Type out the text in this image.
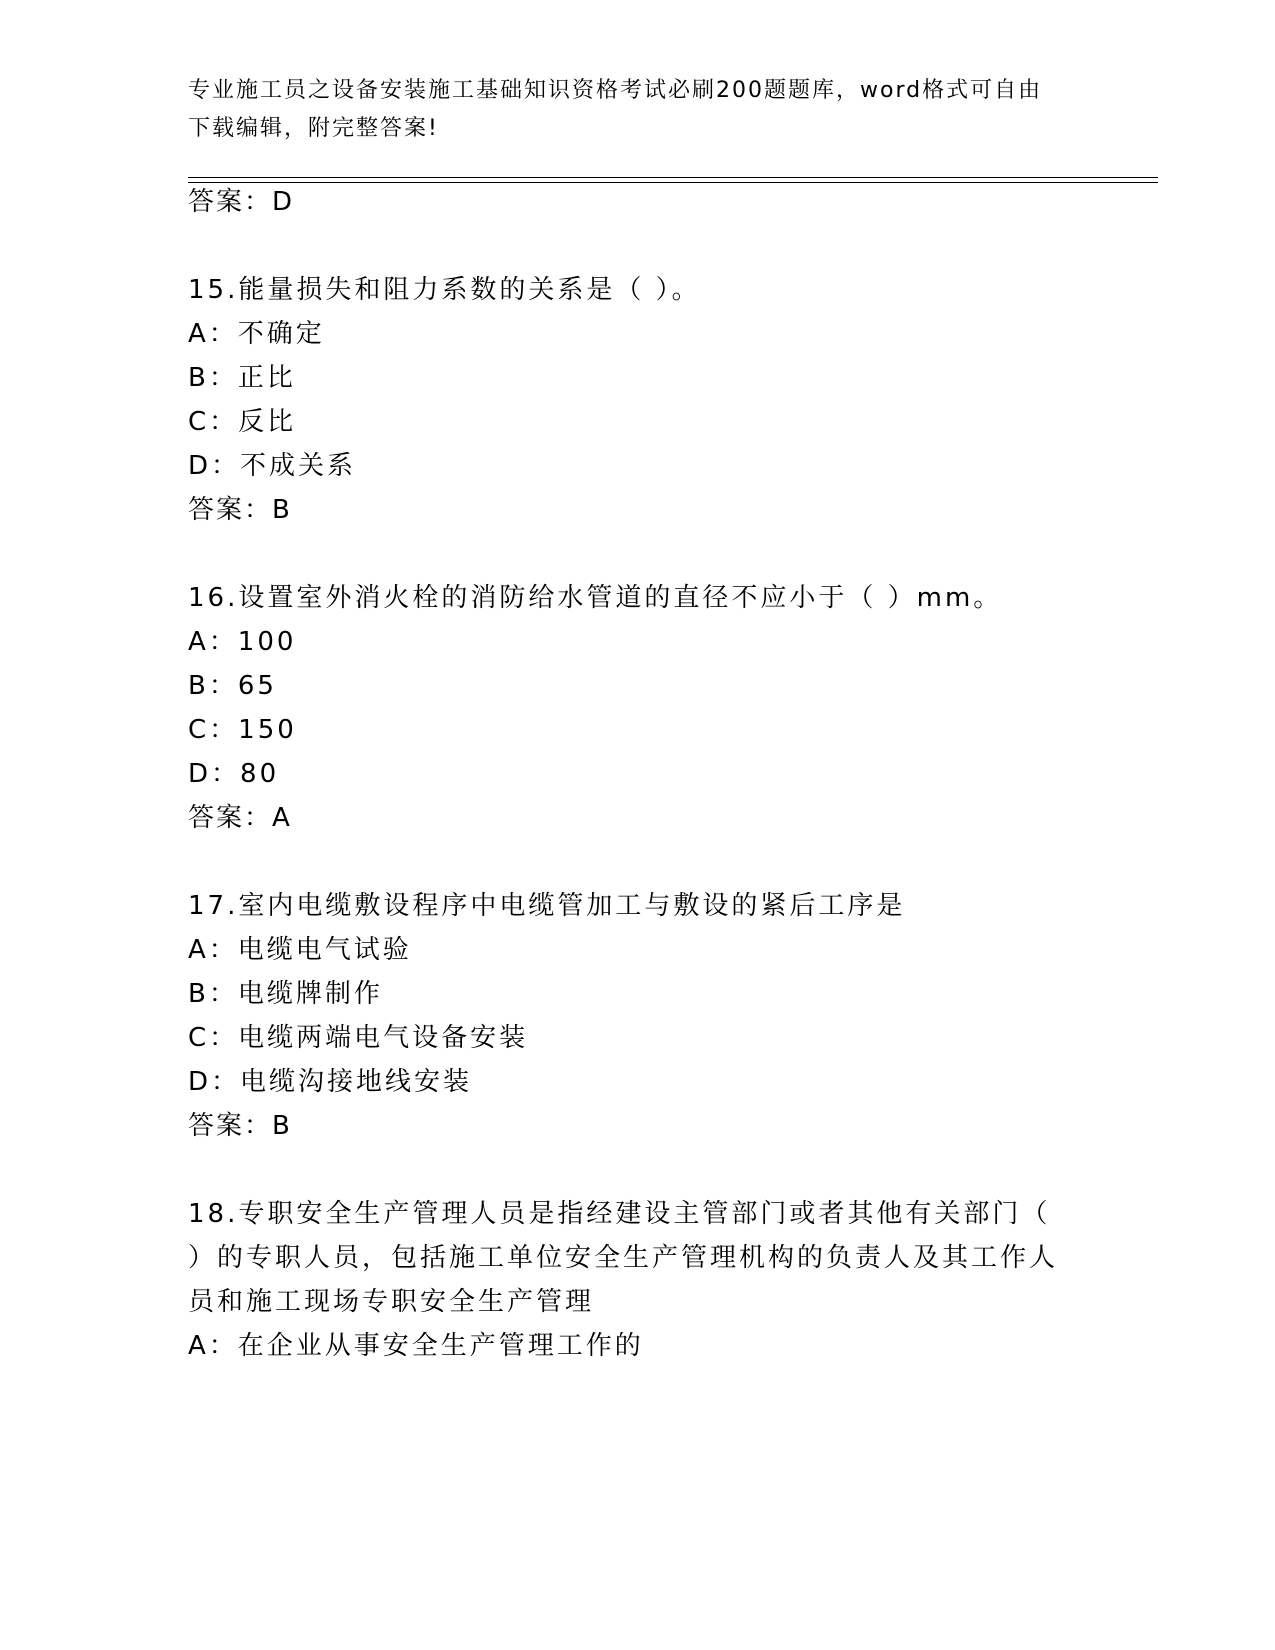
专业施工员之设备安装施工基础知识资格考试必刷200题题库，word格式可自由
下载编辑，附完整答案!
答案：D
15.能量损失和阻力系数的关系是（ ）。
A：不确定
B：正比
C：反比
D：不成关系
答案：B
16.设置室外消火栓的消防给水管道的直径不应小于（ ）mm。
A：100
B：65
C：150
D：80
答案：A
17.室内电缆敷设程序中电缆管加工与敷设的紧后工序是
A：电缆电气试验
B：电缆牌制作
C：电缆两端电气设备安装
D：电缆沟接地线安装
答案：B
18.专职安全生产管理人员是指经建设主管部门或者其他有关部门（
）的专职人员，包括施工单位安全生产管理机构的负责人及其工作人
员和施工现场专职安全生产管理
A：在企业从事安全生产管理工作的
